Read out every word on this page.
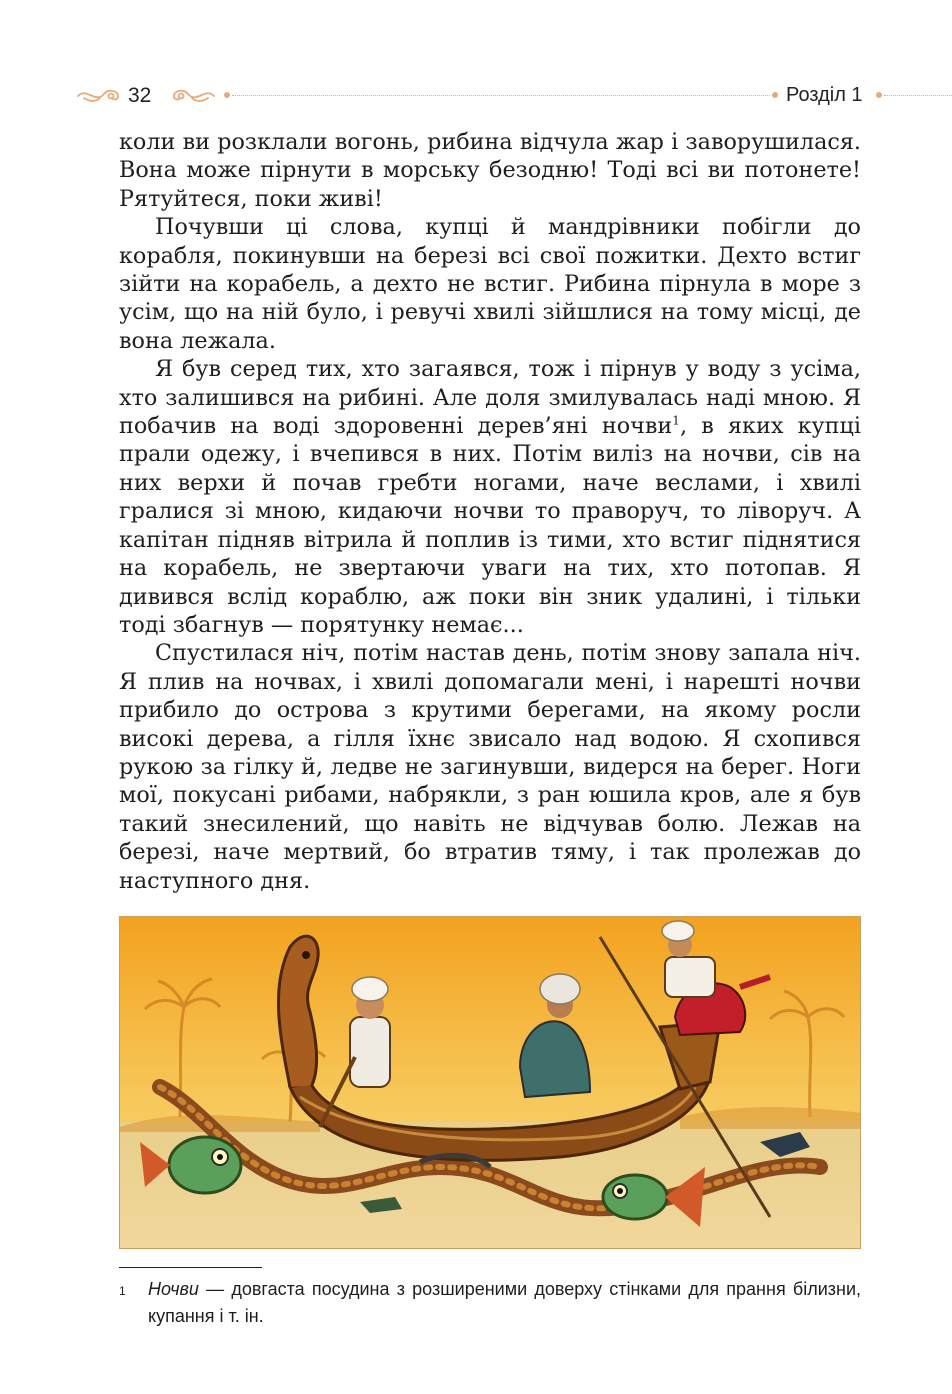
32	Розділ 1

коли ви розклали вогонь, рибина відчула жар і заворушилася. Вона може пірнути в морську безодню! Тоді всі ви потонете! Рятуйтеся, поки живі!

Почувши ці слова, купці й мандрівники побігли до корабля, покинувши на березі всі свої пожитки. Дехто встиг зійти на корабель, а дехто не встиг. Рибина пірнула в море з усім, що на ній було, і ревучі хвилі зійшлися на тому місці, де вона лежала.

Я був серед тих, хто загаявся, тож і пірнув у воду з усіма, хто залишився на рибині. Але доля змилувалась наді мною. Я побачив на воді здоровенні дерев’яні ночви$^1$, в яких купці прали одежу, і вчепився в них. Потім виліз на ночви, сів на них верхи й почав гребти ногами, наче веслами, і хвилі гралися зі мною, кидаючи ночви то праворуч, то ліворуч. А капітан підняв вітрила й поплив із тими, хто встиг піднятися на корабель, не звертаючи уваги на тих, хто потопав. Я дивився вслід кораблю, аж поки він зник удалині, і тільки тоді збагнув — порятунку немає...

Спустилася ніч, потім настав день, потім знову запала ніч. Я плив на ночвах, і хвилі допомагали мені, і нарешті ночви прибило до острова з крутими берегами, на якому росли високі дерева, а гілля їхнє звисало над водою. Я схопився рукою за гілку й, ледве не загинувши, видерся на берег. Ноги мої, покусані рибами, набрякли, з ран юшила кров, але я був такий знесилений, що навіть не відчував болю. Лежав на березі, наче мертвий, бо втратив тяму, і так пролежав до наступного дня.

1 Ночви — довгаста посудина з розширеними доверху стінками для прання білизни, купання і т. ін.
